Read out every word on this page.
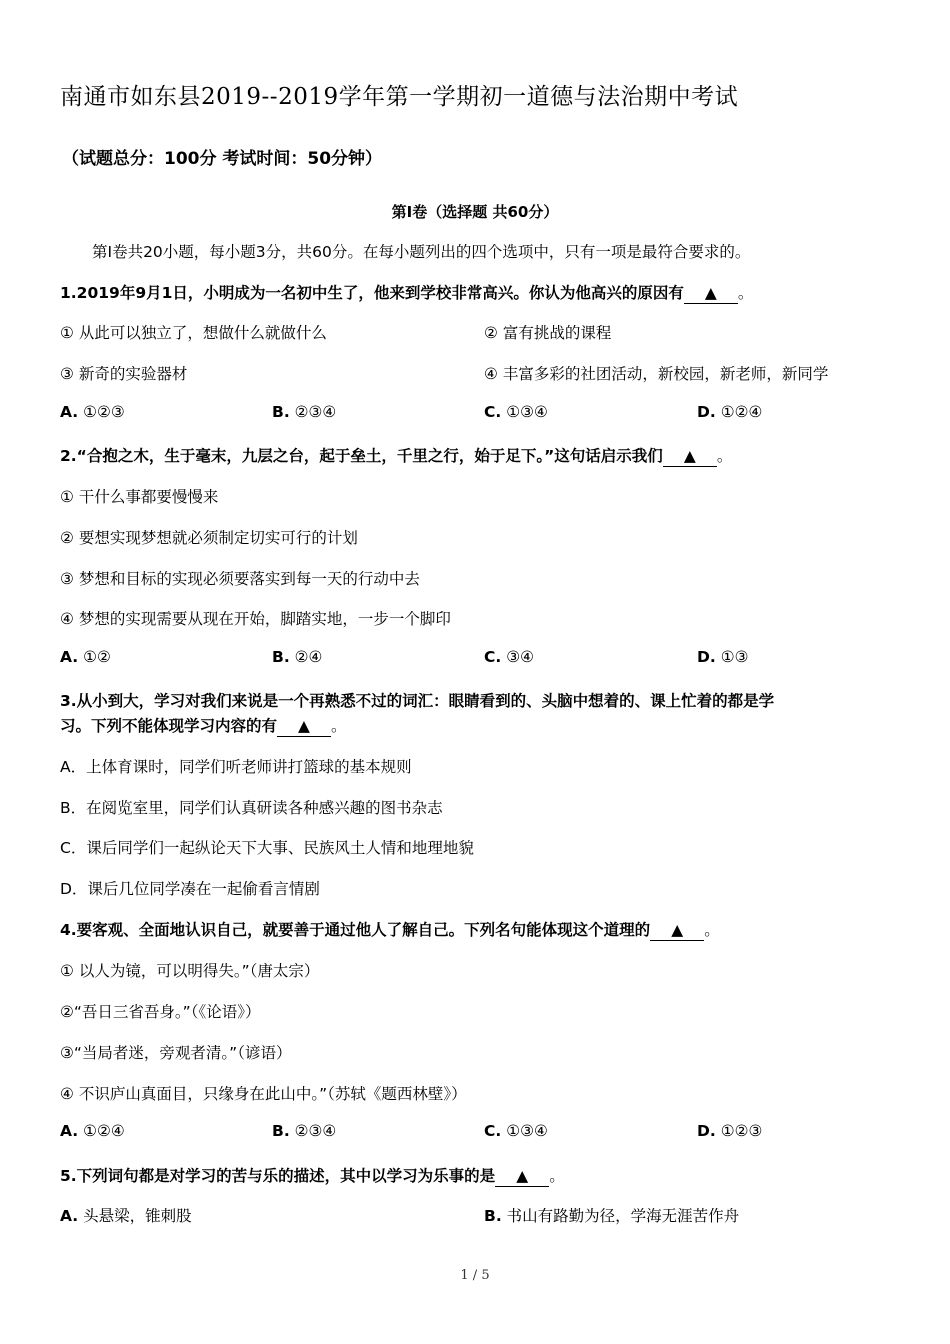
南通市如东县2019--2019学年第一学期初一道德与法治期中考试
（试题总分：100分 考试时间：50分钟）
第Ⅰ卷（选择题 共60分）
第Ⅰ卷共20小题，每小题3分，共60分。在每小题列出的四个选项中，只有一项是最符合要求的。
1.2019年9月1日，小明成为一名初中生了，他来到学校非常高兴。你认为他高兴的原因有 ▲ 。
① 从此可以独立了，想做什么就做什么	② 富有挑战的课程
③ 新奇的实验器材	④ 丰富多彩的社团活动，新校园，新老师，新同学
A. ①②③	B. ②③④	C. ①③④	D. ①②④
2.“合抱之木，生于毫末，九层之台，起于垒土，千里之行，始于足下。”这句话启示我们 ▲ 。
① 干什么事都要慢慢来
② 要想实现梦想就必须制定切实可行的计划
③ 梦想和目标的实现必须要落实到每一天的行动中去
④ 梦想的实现需要从现在开始，脚踏实地，一步一个脚印
A. ①②	B. ②④	C. ③④	D. ①③
3.从小到大，学习对我们来说是一个再熟悉不过的词汇：眼睛看到的、头脑中想着的、课上忙着的都是学
习。下列不能体现学习内容的有 ▲ 。
A．上体育课时，同学们听老师讲打篮球的基本规则
B．在阅览室里，同学们认真研读各种感兴趣的图书杂志
C．课后同学们一起纵论天下大事、民族风土人情和地理地貌
D．课后几位同学凑在一起偷看言情剧
4.要客观、全面地认识自己，就要善于通过他人了解自己。下列名句能体现这个道理的 ▲ 。
① 以人为镜，可以明得失。”（唐太宗）
②“吾日三省吾身。”（《论语》）
③“当局者迷，旁观者清。”（谚语）
④ 不识庐山真面目，只缘身在此山中。”（苏轼《题西林壁》）
A. ①②④	B. ②③④	C. ①③④	D. ①②③
5.下列词句都是对学习的苦与乐的描述，其中以学习为乐事的是 ▲ 。
A. 头悬梁，锥刺股	B. 书山有路勤为径，学海无涯苦作舟
1 / 5
